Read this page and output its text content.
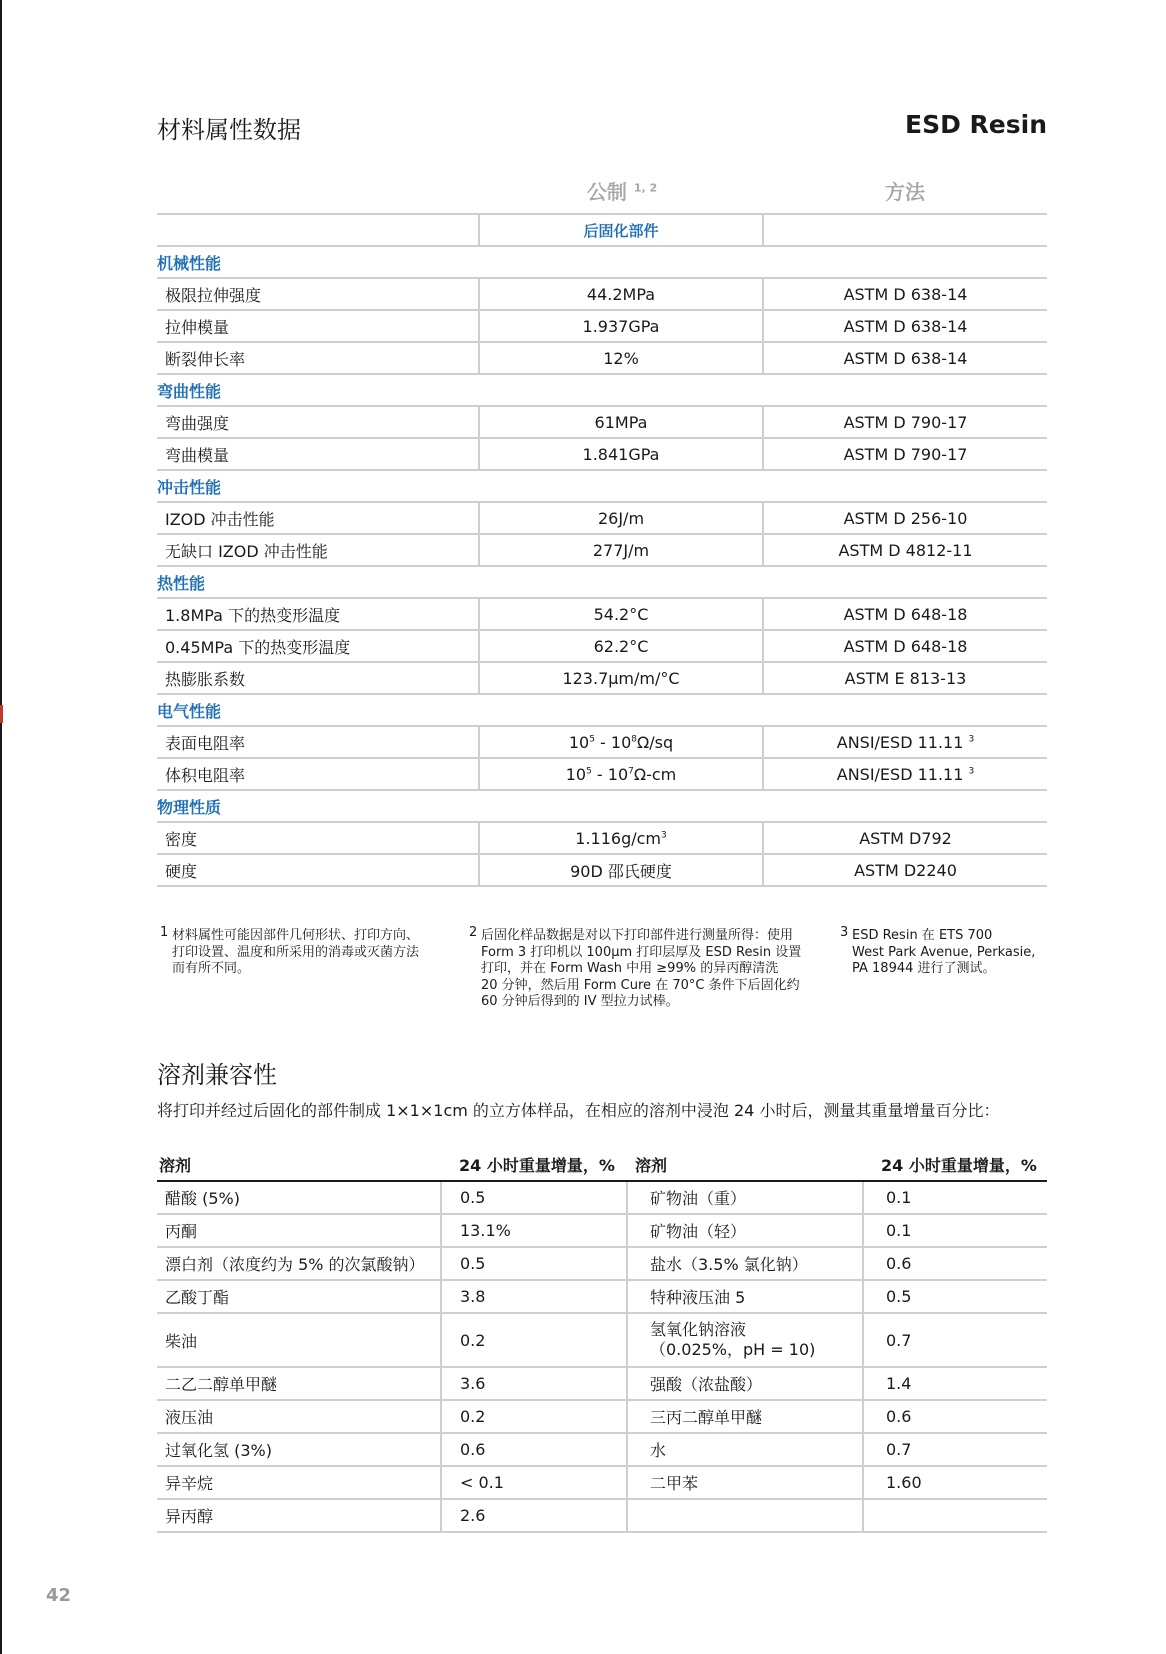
材料属性数据	ESD Resin
公制 $^{1, 2}$	方法
	后固化部件	
机械性能		
极限拉伸强度	44.2MPa	ASTM D 638-14
拉伸模量	1.937GPa	ASTM D 638-14
断裂伸长率	12%	ASTM D 638-14
弯曲性能		
弯曲强度	61MPa	ASTM D 790-17
弯曲模量	1.841GPa	ASTM D 790-17
冲击性能		
IZOD 冲击性能	26J/m	ASTM D 256-10
无缺口 IZOD 冲击性能	277J/m	ASTM D 4812-11
热性能		
1.8MPa 下的热变形温度	54.2°C	ASTM D 648-18
0.45MPa 下的热变形温度	62.2°C	ASTM D 648-18
热膨胀系数	123.7μm/m/°C	ASTM E 813-13
电气性能		
表面电阻率	$10^5 - 10^8\Omega/sq$	ANSI/ESD 11.11 $^3$
体积电阻率	$10^5 - 10^7\Omega-cm$	ANSI/ESD 11.11 $^3$
物理性质		
密度	$1.116g/cm^3$	ASTM D792
硬度	90D 邵氏硬度	ASTM D2240
1 材料属性可能因部件几何形状、打印方向、
打印设置、温度和所采用的消毒或灭菌方法
而有所不同。
2 后固化样品数据是对以下打印部件进行测量所得：使用
Form 3 打印机以 100µm 打印层厚及 ESD Resin 设置
打印，并在 Form Wash 中用 ≥99% 的异丙醇清洗
20 分钟，然后用 Form Cure 在 70°C 条件下后固化约
60 分钟后得到的 IV 型拉力试棒。
3 ESD Resin 在 ETS 700
West Park Avenue, Perkasie,
PA 18944 进行了测试。
溶剂兼容性
将打印并经过后固化的部件制成 1×1×1cm 的立方体样品，在相应的溶剂中浸泡 24 小时后，测量其重量增量百分比：
溶剂	24 小时重量增量，%	溶剂	24 小时重量增量，%
醋酸 (5%)	0.5	矿物油（重）	0.1
丙酮	13.1%	矿物油（轻）	0.1
漂白剂（浓度约为 5% 的次氯酸钠）	0.5	盐水（3.5% 氯化钠）	0.6
乙酸丁酯	3.8	特种液压油 5	0.5
柴油	0.2	氢氧化钠溶液
（0.025%，pH = 10)	0.7
二乙二醇单甲醚	3.6	强酸（浓盐酸）	1.4
液压油	0.2	三丙二醇单甲醚	0.6
过氧化氢 (3%)	0.6	水	0.7
异辛烷	< 0.1	二甲苯	1.60
异丙醇	2.6		
42
